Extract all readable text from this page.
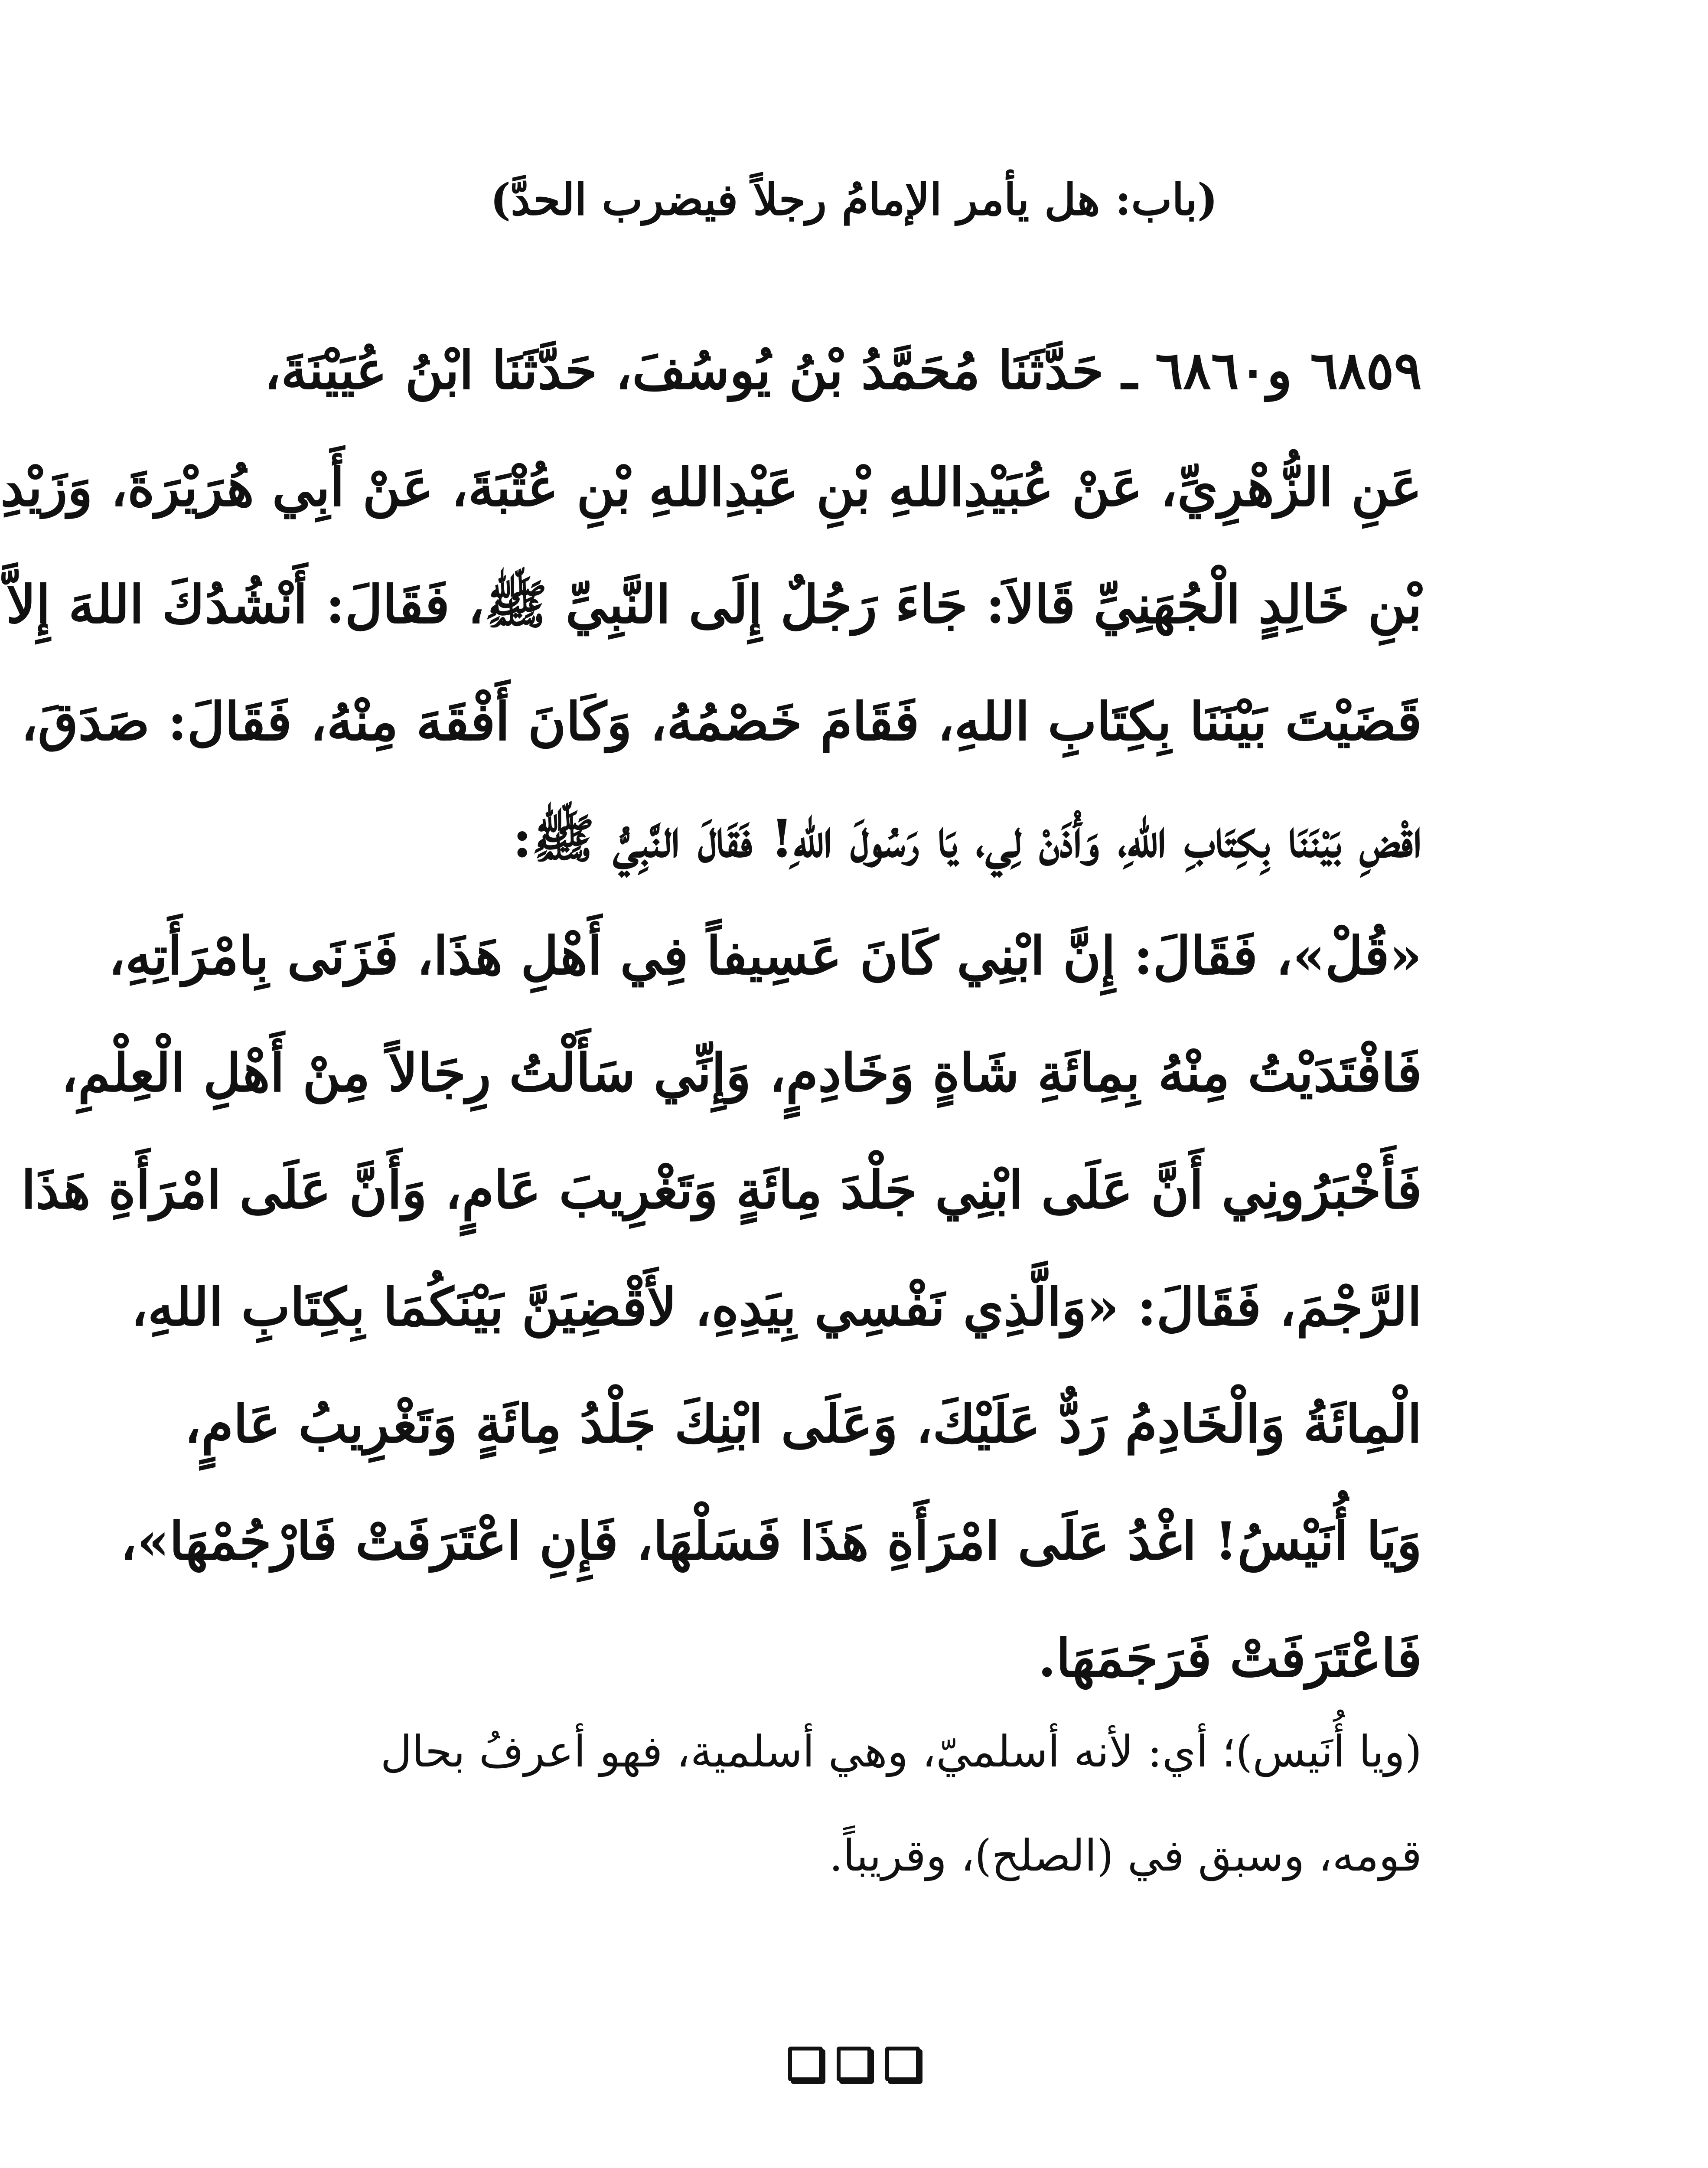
(باب: هل يأمر الإمامُ رجلاً فيضرب الحدَّ)
٦٨٥٩ و٦٨٦٠ ـ حَدَّثَنَا مُحَمَّدُ بْنُ يُوسُفَ، حَدَّثَنَا ابْنُ عُيَيْنَةَ،
عَنِ الزُّهْرِيِّ، عَنْ عُبَيْدِاللهِ بْنِ عَبْدِاللهِ بْنِ عُتْبَةَ، عَنْ أَبِي هُرَيْرَةَ، وَزَيْدِ
بْنِ خَالِدٍ الْجُهَنِيِّ قَالاَ: جَاءَ رَجُلٌ إِلَى النَّبِيِّ ﷺ، فَقَالَ: أَنْشُدُكَ اللهَ إِلاَّ
قَضَيْتَ بَيْنَنَا بِكِتَابِ اللهِ، فَقَامَ خَصْمُهُ، وَكَانَ أَفْقَهَ مِنْهُ، فَقَالَ: صَدَقَ،
اقْضِ بَيْنَنَا بِكِتَابِ اللهِ، وَأْذَنْ لِي، يَا رَسُولَ اللهِ! فَقَالَ النَّبِيُّ ﷺ:
«قُلْ»، فَقَالَ: إِنَّ ابْنِي كَانَ عَسِيفاً فِي أَهْلِ هَذَا، فَزَنَى بِامْرَأَتِهِ،
فَافْتَدَيْتُ مِنْهُ بِمِائَةِ شَاةٍ وَخَادِمٍ، وَإِنِّي سَأَلْتُ رِجَالاً مِنْ أَهْلِ الْعِلْمِ،
فَأَخْبَرُونِي أَنَّ عَلَى ابْنِي جَلْدَ مِائَةٍ وَتَغْرِيبَ عَامٍ، وَأَنَّ عَلَى امْرَأَةِ هَذَا
الرَّجْمَ، فَقَالَ: «وَالَّذِي نَفْسِي بِيَدِهِ، لأَقْضِيَنَّ بَيْنَكُمَا بِكِتَابِ اللهِ،
الْمِائَةُ وَالْخَادِمُ رَدٌّ عَلَيْكَ، وَعَلَى ابْنِكَ جَلْدُ مِائَةٍ وَتَغْرِيبُ عَامٍ،
وَيَا أُنَيْسُ! اغْدُ عَلَى امْرَأَةِ هَذَا فَسَلْهَا، فَإِنِ اعْتَرَفَتْ فَارْجُمْهَا»،
فَاعْتَرَفَتْ فَرَجَمَهَا.
(ويا أُنَيس)؛ أي: لأنه أسلميّ، وهي أسلمية، فهو أعرفُ بحال
قومه، وسبق في (الصلح)، وقريباً.
